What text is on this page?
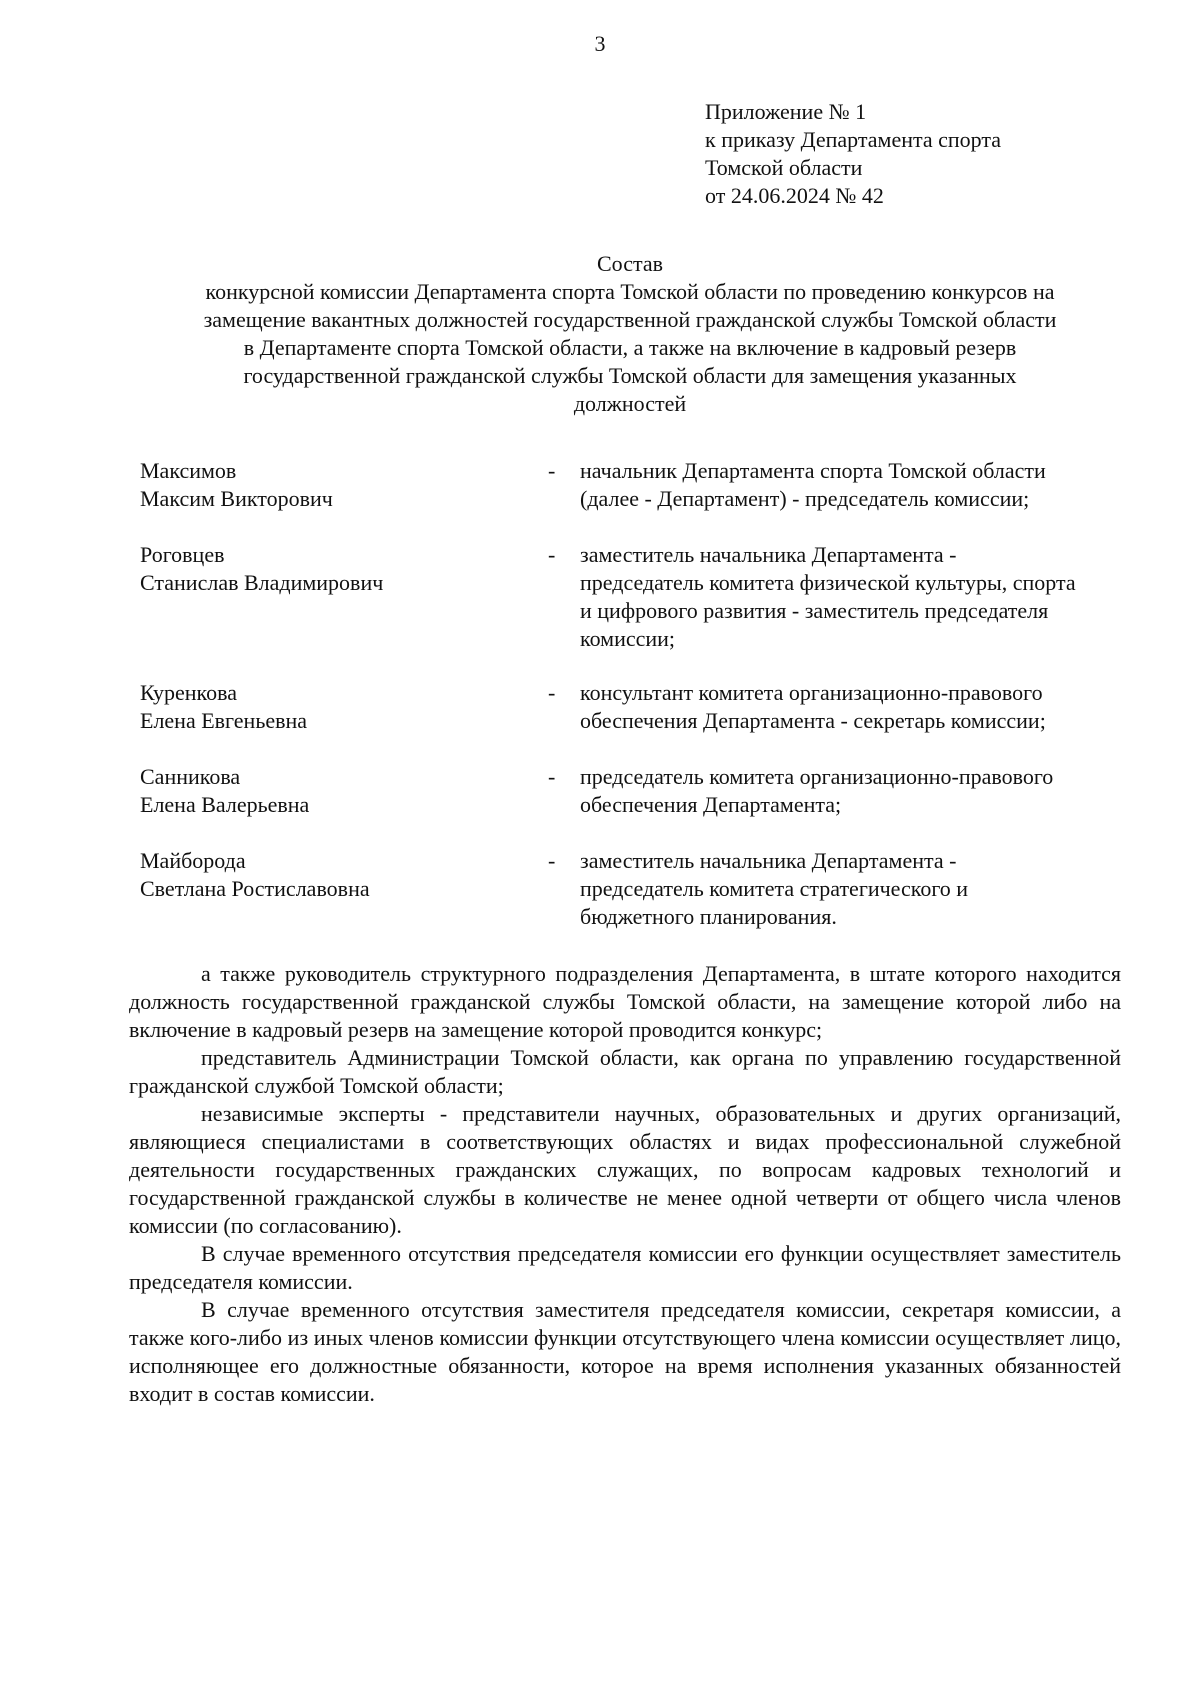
3
Приложение № 1
к приказу Департамента спорта
Томской области
от 24.06.2024 № 42
Состав
конкурсной комиссии Департамента спорта Томской области по проведению конкурсов на
замещение вакантных должностей государственной гражданской службы Томской области
в Департаменте спорта Томской области, а также на включение в кадровый резерв
государственной гражданской службы Томской области для замещения указанных
должностей
Максимов
Максим Викторович
- начальник Департамента спорта Томской области
(далее - Департамент) - председатель комиссии;
Роговцев
Станислав Владимирович
- заместитель начальника Департамента -
председатель комитета физической культуры, спорта
и цифрового развития - заместитель председателя
комиссии;
Куренкова
Елена Евгеньевна
- консультант комитета организационно-правового
обеспечения Департамента - секретарь комиссии;
Санникова
Елена Валерьевна
- председатель комитета организационно-правового
обеспечения Департамента;
Майборода
Светлана Ростиславовна
- заместитель начальника Департамента -
председатель комитета стратегического и
бюджетного планирования.

а также руководитель структурного подразделения Департамента, в штате которого находится должность государственной гражданской службы Томской области, на замещение которой либо на включение в кадровый резерв на замещение которой проводится конкурс;

представитель Администрации Томской области, как органа по управлению государственной гражданской службой Томской области;

независимые эксперты - представители научных, образовательных и других организаций, являющиеся специалистами в соответствующих областях и видах профессиональной служебной деятельности государственных гражданских служащих, по вопросам кадровых технологий и государственной гражданской службы в количестве не менее одной четверти от общего числа членов комиссии (по согласованию).

В случае временного отсутствия председателя комиссии его функции осуществляет заместитель председателя комиссии.

В случае временного отсутствия заместителя председателя комиссии, секретаря комиссии, а также кого-либо из иных членов комиссии функции отсутствующего члена комиссии осуществляет лицо, исполняющее его должностные обязанности, которое на время исполнения указанных обязанностей входит в состав комиссии.
